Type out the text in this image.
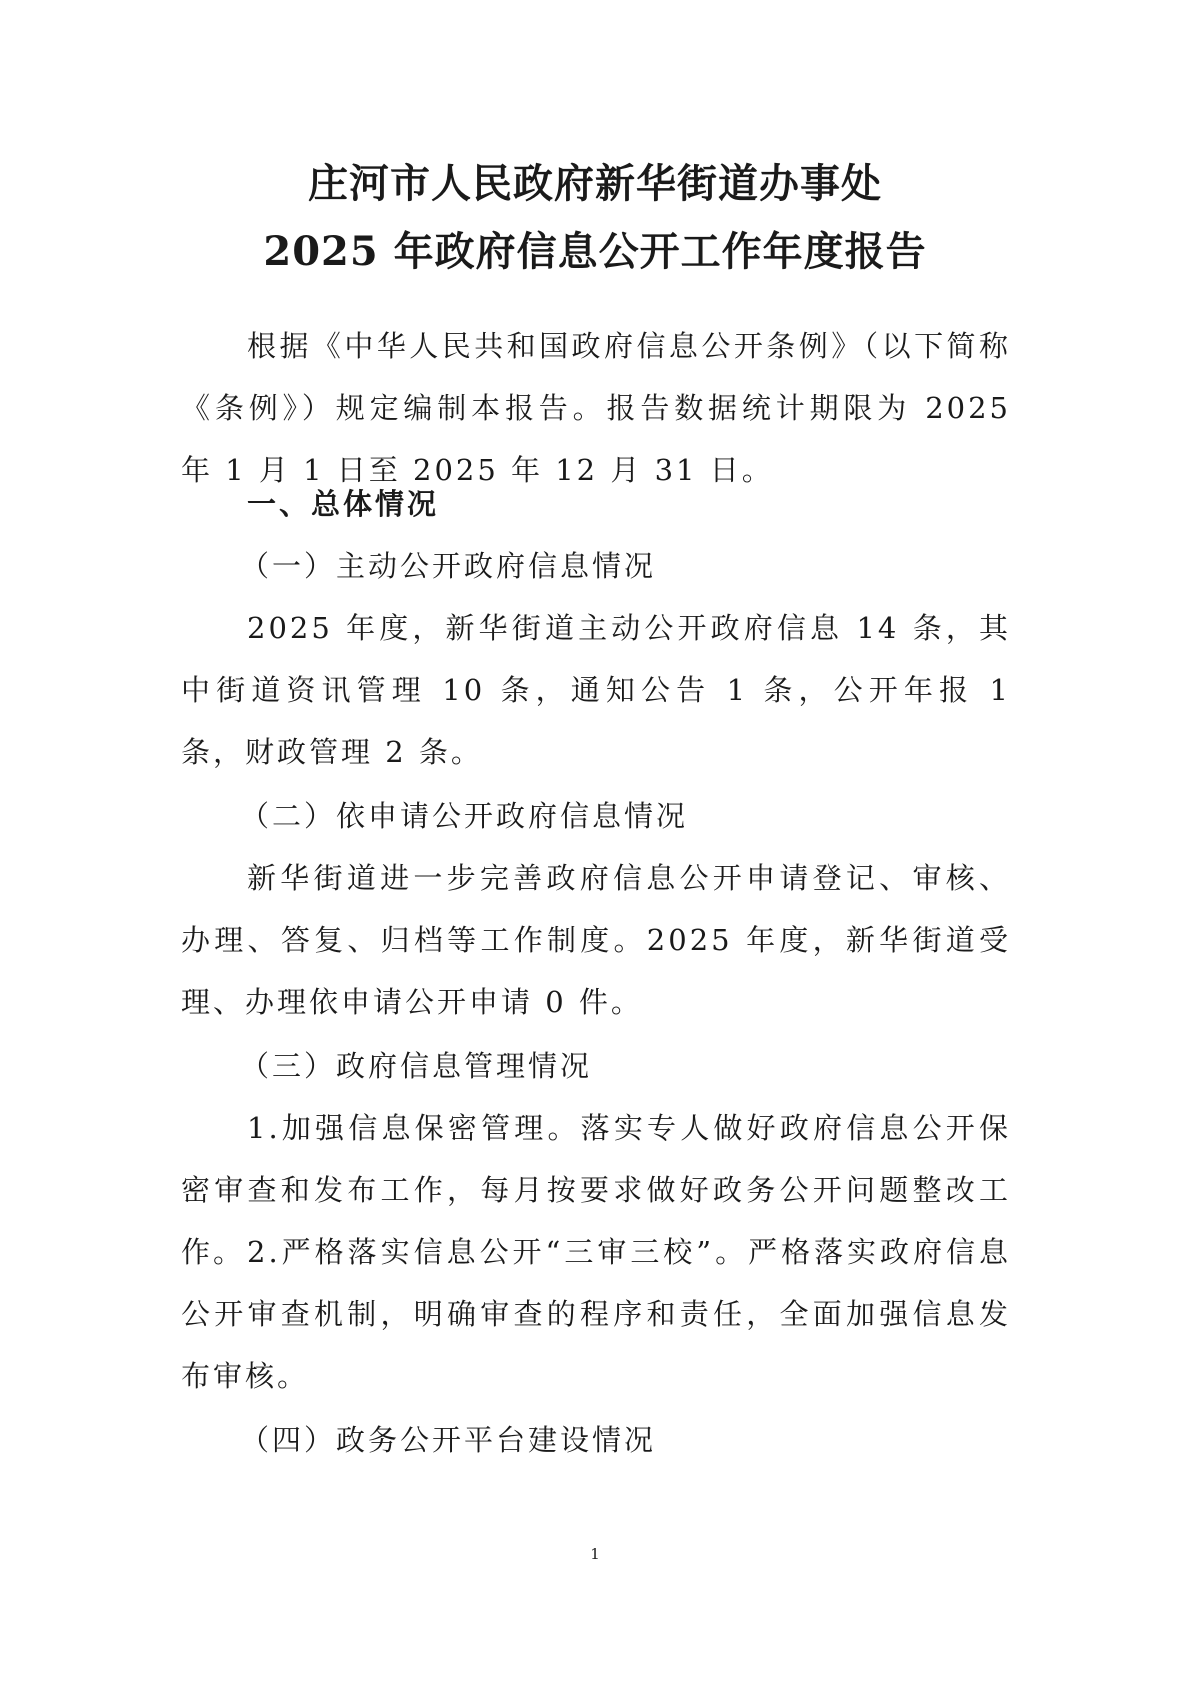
庄河市人民政府新华街道办事处
2025 年政府信息公开工作年度报告

根据《中华人民共和国政府信息公开条例》（以下简称《条例》）规定编制本报告。报告数据统计期限为 2025 年 1 月 1 日至 2025 年 12 月 31 日。

一、总体情况

（一）主动公开政府信息情况

2025 年度，新华街道主动公开政府信息 14 条，其中街道资讯管理 10 条，通知公告 1 条，公开年报 1 条，财政管理 2 条。

（二）依申请公开政府信息情况

新华街道进一步完善政府信息公开申请登记、审核、办理、答复、归档等工作制度。2025 年度，新华街道受理、办理依申请公开申请 0 件。

（三）政府信息管理情况

1.加强信息保密管理。落实专人做好政府信息公开保密审查和发布工作，每月按要求做好政务公开问题整改工作。 2.严格落实信息公开“三审三校”。严格落实政府信息公开审查机制，明确审查的程序和责任，全面加强信息发布审核。

（四）政务公开平台建设情况

1
